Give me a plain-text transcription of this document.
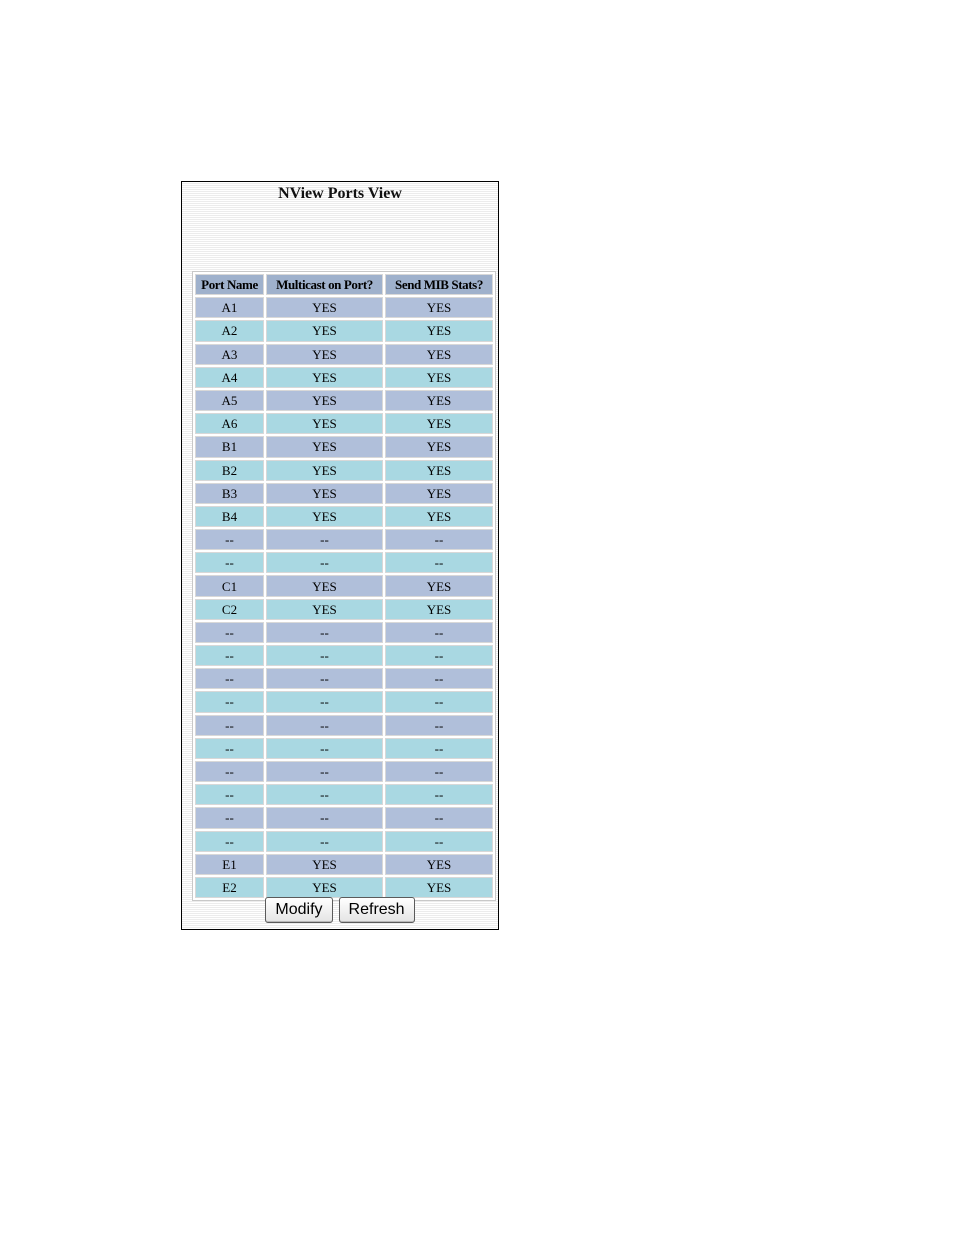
NView Ports View
Port Name	Multicast on Port?	Send MIB Stats?
A1	YES	YES
A2	YES	YES
A3	YES	YES
A4	YES	YES
A5	YES	YES
A6	YES	YES
B1	YES	YES
B2	YES	YES
B3	YES	YES
B4	YES	YES
--	--	--
--	--	--
C1	YES	YES
C2	YES	YES
--	--	--
--	--	--
--	--	--
--	--	--
--	--	--
--	--	--
--	--	--
--	--	--
--	--	--
--	--	--
E1	YES	YES
E2	YES	YES
Modify Refresh
